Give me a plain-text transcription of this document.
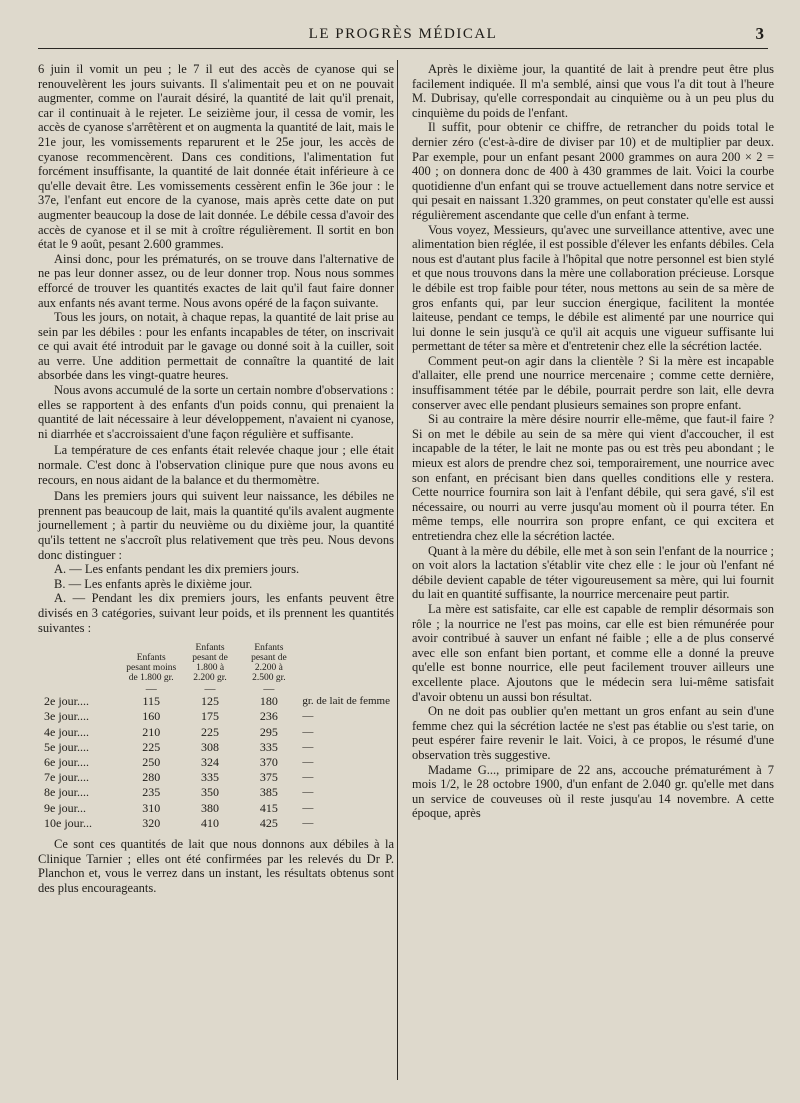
LE PROGRÈS MÉDICAL	3

6 juin il vomit un peu ; le 7 il eut des accès de cyanose qui se renouvelèrent les jours suivants. Il s'alimentait peu et on ne pouvait augmenter, comme on l'aurait désiré, la quantité de lait qu'il prenait, car il continuait à le rejeter. Le seizième jour, il cessa de vomir, les accès de cyanose s'arrêtèrent et on augmenta la quantité de lait, mais le 21e jour, les vomissements reparurent et le 25e jour, les accès de cyanose recommencèrent. Dans ces conditions, l'alimentation fut forcément insuffisante, la quantité de lait donnée était inférieure à ce qu'elle devait être. Les vomissements cessèrent enfin le 36e jour : le 37e, l'enfant eut encore de la cyanose, mais après cette date on put augmenter beaucoup la dose de lait donnée. Le débile cessa d'avoir des accès de cyanose et il se mit à croître régulièrement. Il sortit en bon état le 9 août, pesant 2.600 grammes.

Ainsi donc, pour les prématurés, on se trouve dans l'alternative de ne pas leur donner assez, ou de leur donner trop. Nous nous sommes efforcé de trouver les quantités exactes de lait qu'il faut faire donner aux enfants nés avant terme. Nous avons opéré de la façon suivante.

Tous les jours, on notait, à chaque repas, la quantité de lait prise au sein par les débiles : pour les enfants incapables de téter, on inscrivait ce qui avait été introduit par le gavage ou donné soit à la cuiller, soit au verre. Une addition permettait de connaître la quantité de lait absorbée dans les vingt-quatre heures.

Nous avons accumulé de la sorte un certain nombre d'observations : elles se rapportent à des enfants d'un poids connu, qui prenaient la quantité de lait nécessaire à leur développement, n'avaient ni cyanose, ni diarrhée et s'accroissaient d'une façon régulière et suffisante.

La température de ces enfants était relevée chaque jour ; elle était normale. C'est donc à l'observation clinique pure que nous avons eu recours, en nous aidant de la balance et du thermomètre.

Dans les premiers jours qui suivent leur naissance, les débiles ne prennent pas beaucoup de lait, mais la quantité qu'ils avalent augmente journellement ; à partir du neuvième ou du dixième jour, la quantité qu'ils tettent ne s'accroît plus relativement que très peu. Nous devons donc distinguer :

A. — Les enfants pendant les dix premiers jours.

B. — Les enfants après le dixième jour.

A. — Pendant les dix premiers jours, les enfants peuvent être divisés en 3 catégories, suivant leur poids, et ils prennent les quantités suivantes :

	Enfants pesant moins de 1.800 gr.	Enfants pesant de 1.800 à 2.200 gr.	Enfants pesant de 2.200 à 2.500 gr.	
	—	—	—	
2e jour....	115	125	180	gr. de lait de femme
3e jour....	160	175	236	—
4e jour....	210	225	295	—
5e jour....	225	308	335	—
6e jour....	250	324	370	—
7e jour....	280	335	375	—
8e jour....	235	350	385	—
9e jour...	310	380	415	—
10e jour...	320	410	425	—

Ce sont ces quantités de lait que nous donnons aux débiles à la Clinique Tarnier ; elles ont été confirmées par les relevés du Dr P. Planchon et, vous le verrez dans un instant, les résultats obtenus sont des plus encourageants.

Après le dixième jour, la quantité de lait à prendre peut être plus facilement indiquée. Il m'a semblé, ainsi que vous l'a dit tout à l'heure M. Dubrisay, qu'elle correspondait au cinquième ou à un peu plus du cinquième du poids de l'enfant.

Il suffit, pour obtenir ce chiffre, de retrancher du poids total le dernier zéro (c'est-à-dire de diviser par 10) et de multiplier par deux. Par exemple, pour un enfant pesant 2000 grammes on aura 200 × 2 = 400 ; on donnera donc de 400 à 430 grammes de lait. Voici la courbe quotidienne d'un enfant qui se trouve actuellement dans notre service et qui pesait en naissant 1.320 grammes, on peut constater qu'elle est aussi régulièrement ascendante que celle d'un enfant à terme.

Vous voyez, Messieurs, qu'avec une surveillance attentive, avec une alimentation bien réglée, il est possible d'élever les enfants débiles. Cela nous est d'autant plus facile à l'hôpital que notre personnel est bien stylé et que nous trouvons dans la mère une collaboration précieuse. Lorsque le débile est trop faible pour téter, nous mettons au sein de sa mère de gros enfants qui, par leur succion énergique, facilitent la montée laiteuse, pendant ce temps, le débile est alimenté par une nourrice qui lui donne le sein jusqu'à ce qu'il ait acquis une vigueur suffisante lui permettant de téter sa mère et d'entretenir chez elle la sécrétion lactée.

Comment peut-on agir dans la clientèle ? Si la mère est incapable d'allaiter, elle prend une nourrice mercenaire ; comme cette dernière, insuffisamment tétée par le débile, pourrait perdre son lait, elle devra conserver avec elle pendant plusieurs semaines son propre enfant.

Si au contraire la mère désire nourrir elle-même, que faut-il faire ? Si on met le débile au sein de sa mère qui vient d'accoucher, il est incapable de la téter, le lait ne monte pas ou est très peu abondant ; le mieux est alors de prendre chez soi, temporairement, une nourrice avec son enfant, en précisant bien dans quelles conditions elle y restera. Cette nourrice fournira son lait à l'enfant débile, qui sera gavé, s'il est nécessaire, ou nourri au verre jusqu'au moment où il pourra téter. En même temps, elle nourrira son propre enfant, ce qui excitera et entretiendra chez elle la sécrétion lactée.

Quant à la mère du débile, elle met à son sein l'enfant de la nourrice ; on voit alors la lactation s'établir vite chez elle : le jour où l'enfant né débile devient capable de téter vigoureusement sa mère, qui lui fournit du lait en quantité suffisante, la nourrice mercenaire peut partir.

La mère est satisfaite, car elle est capable de remplir désormais son rôle ; la nourrice ne l'est pas moins, car elle est bien rémunérée pour avoir contribué à sauver un enfant né faible ; elle a de plus conservé avec elle son enfant bien portant, et comme elle a donné la preuve qu'elle est bonne nourrice, elle peut facilement trouver ailleurs une excellente place. Ajoutons que le médecin sera lui-même satisfait d'avoir obtenu un aussi bon résultat.

On ne doit pas oublier qu'en mettant un gros enfant au sein d'une femme chez qui la sécrétion lactée ne s'est pas établie ou s'est tarie, on peut espérer faire revenir le lait. Voici, à ce propos, le résumé d'une observation très suggestive.

Madame G..., primipare de 22 ans, accouche prématurément à 7 mois 1/2, le 28 octobre 1900, d'un enfant de 2.040 gr. qu'elle met dans un service de couveuses où il reste jusqu'au 14 novembre. A cette époque, après
